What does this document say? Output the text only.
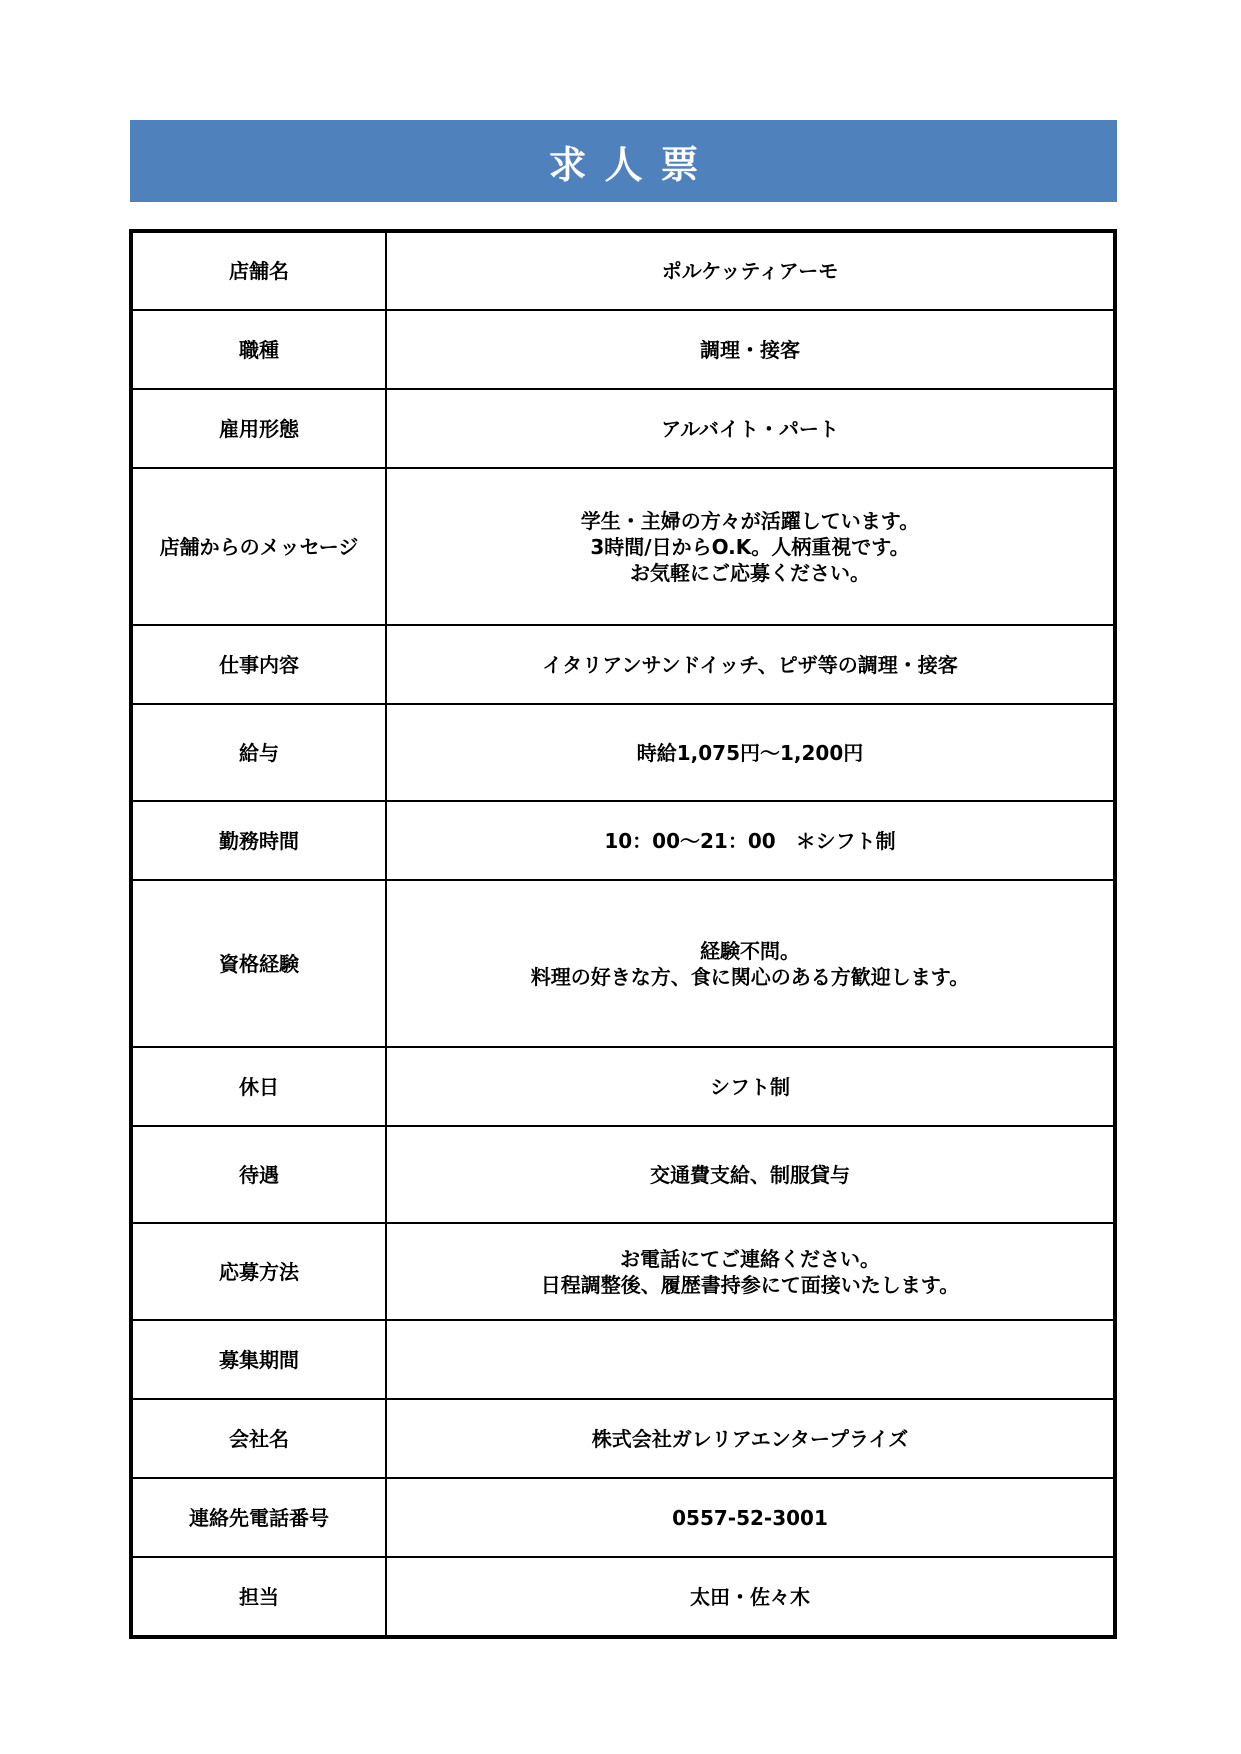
求人票
店舗名	ポルケッティアーモ
職種	調理・接客
雇用形態	アルバイト・パート
店舗からのメッセージ	学生・主婦の方々が活躍しています。
3時間/日からO.K。人柄重視です。
お気軽にご応募ください。
仕事内容	イタリアンサンドイッチ、ピザ等の調理・接客
給与	時給1,075円～1,200円
勤務時間	10：00～21：00　＊シフト制
資格経験	経験不問。
料理の好きな方、食に関心のある方歓迎します。
休日	シフト制
待遇	交通費支給、制服貸与
応募方法	お電話にてご連絡ください。
日程調整後、履歴書持参にて面接いたします。
募集期間	
会社名	株式会社ガレリアエンタープライズ
連絡先電話番号	0557-52-3001
担当	太田・佐々木
